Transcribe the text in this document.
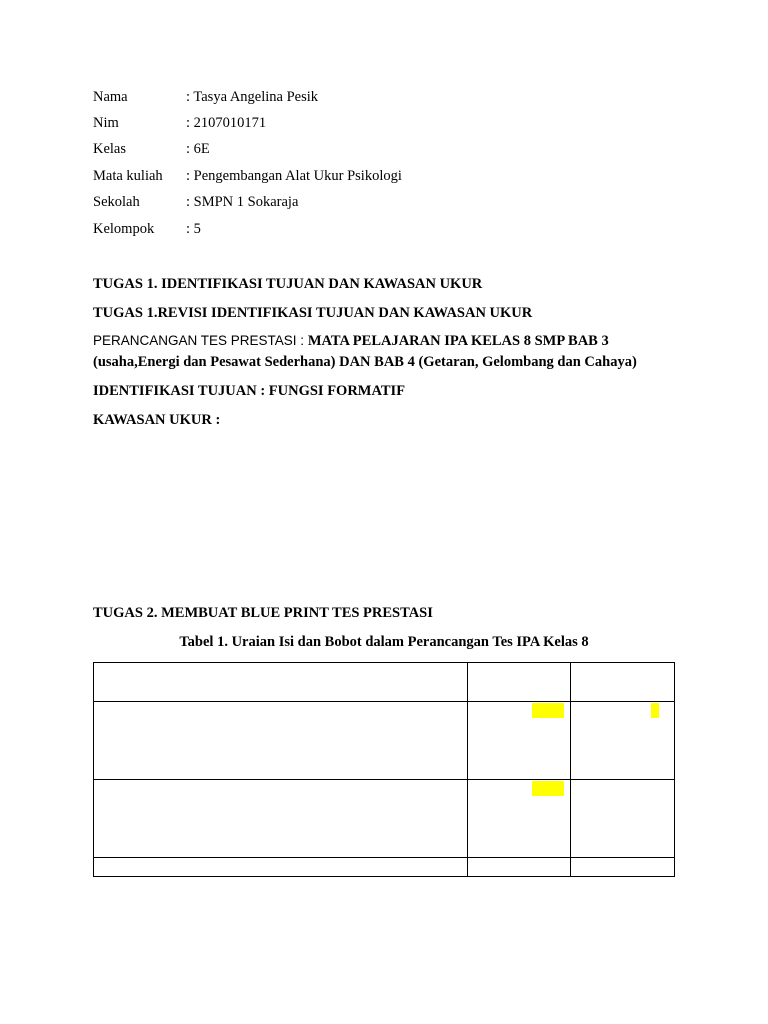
Nama	: Tasya Angelina Pesik
Nim	: 2107010171
Kelas	: 6E
Mata kuliah : Pengembangan Alat Ukur Psikologi
Sekolah	: SMPN 1 Sokaraja
Kelompok : 5
TUGAS 1. IDENTIFIKASI TUJUAN DAN KAWASAN UKUR
TUGAS 1.REVISI IDENTIFIKASI TUJUAN DAN KAWASAN UKUR
PERANCANGAN TES PRESTASI : MATA PELAJARAN IPA KELAS 8 SMP BAB 3 (usaha,Energi dan Pesawat Sederhana) DAN BAB 4 (Getaran, Gelombang dan Cahaya)
IDENTIFIKASI TUJUAN : FUNGSI FORMATIF
KAWASAN UKUR :
TUGAS 2. MEMBUAT BLUE PRINT TES PRESTASI
Tabel 1. Uraian Isi dan Bobot dalam Perancangan Tes IPA Kelas 8
